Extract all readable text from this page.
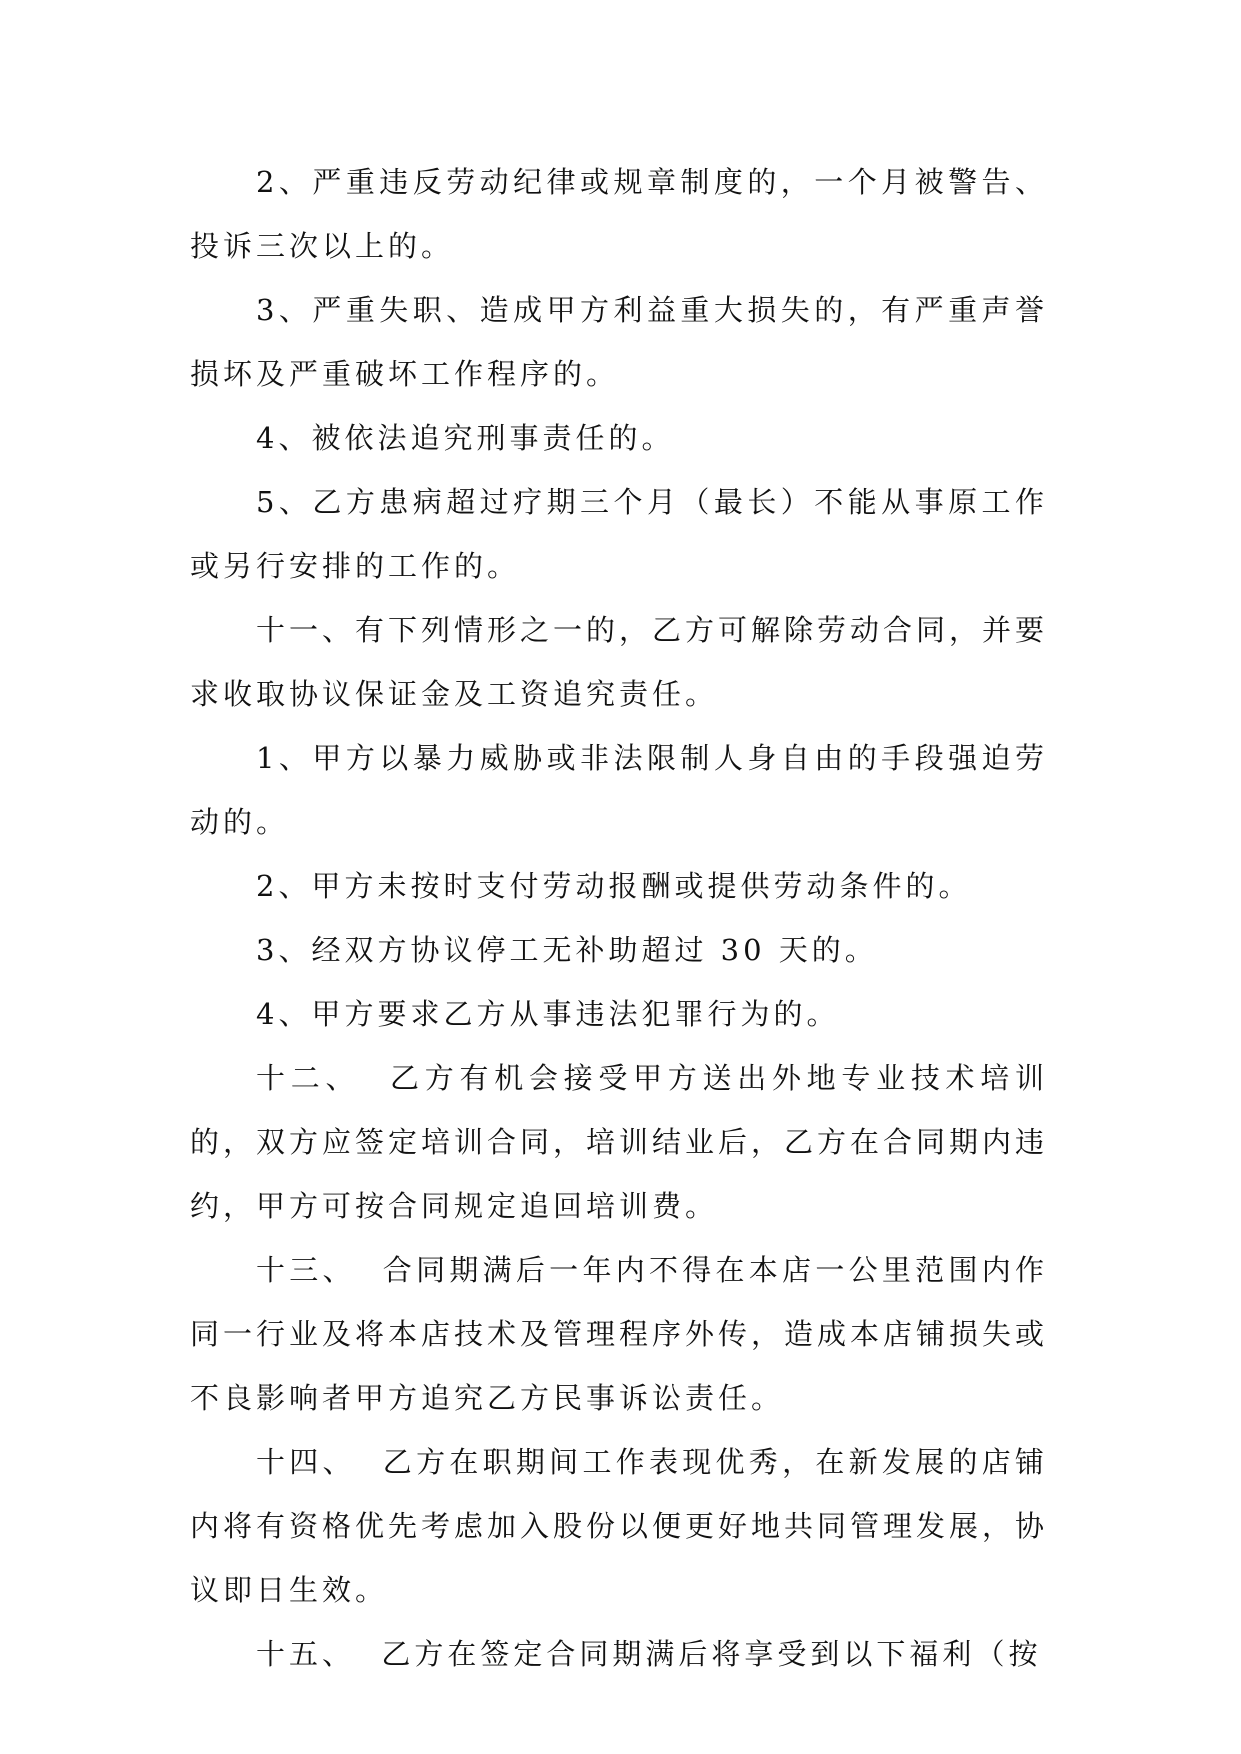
2、严重违反劳动纪律或规章制度的，一个月被警告、投诉三次以上的。

3、严重失职、造成甲方利益重大损失的，有严重声誉损坏及严重破坏工作程序的。

4、被依法追究刑事责任的。

5、乙方患病超过疗期三个月（最长）不能从事原工作或另行安排的工作的。

十一、有下列情形之一的，乙方可解除劳动合同，并要求收取协议保证金及工资追究责任。

1、甲方以暴力威胁或非法限制人身自由的手段强迫劳动的。

2、甲方未按时支付劳动报酬或提供劳动条件的。

3、经双方协议停工无补助超过 30 天的。

4、甲方要求乙方从事违法犯罪行为的。

十二、  乙方有机会接受甲方送出外地专业技术培训的，双方应签定培训合同，培训结业后，乙方在合同期内违约，甲方可按合同规定追回培训费。

十三、  合同期满后一年内不得在本店一公里范围内作同一行业及将本店技术及管理程序外传，造成本店铺损失或不良影响者甲方追究乙方民事诉讼责任。

十四、  乙方在职期间工作表现优秀，在新发展的店铺内将有资格优先考虑加入股份以便更好地共同管理发展，协议即日生效。

十五、  乙方在签定合同期满后将享受到以下福利（按
